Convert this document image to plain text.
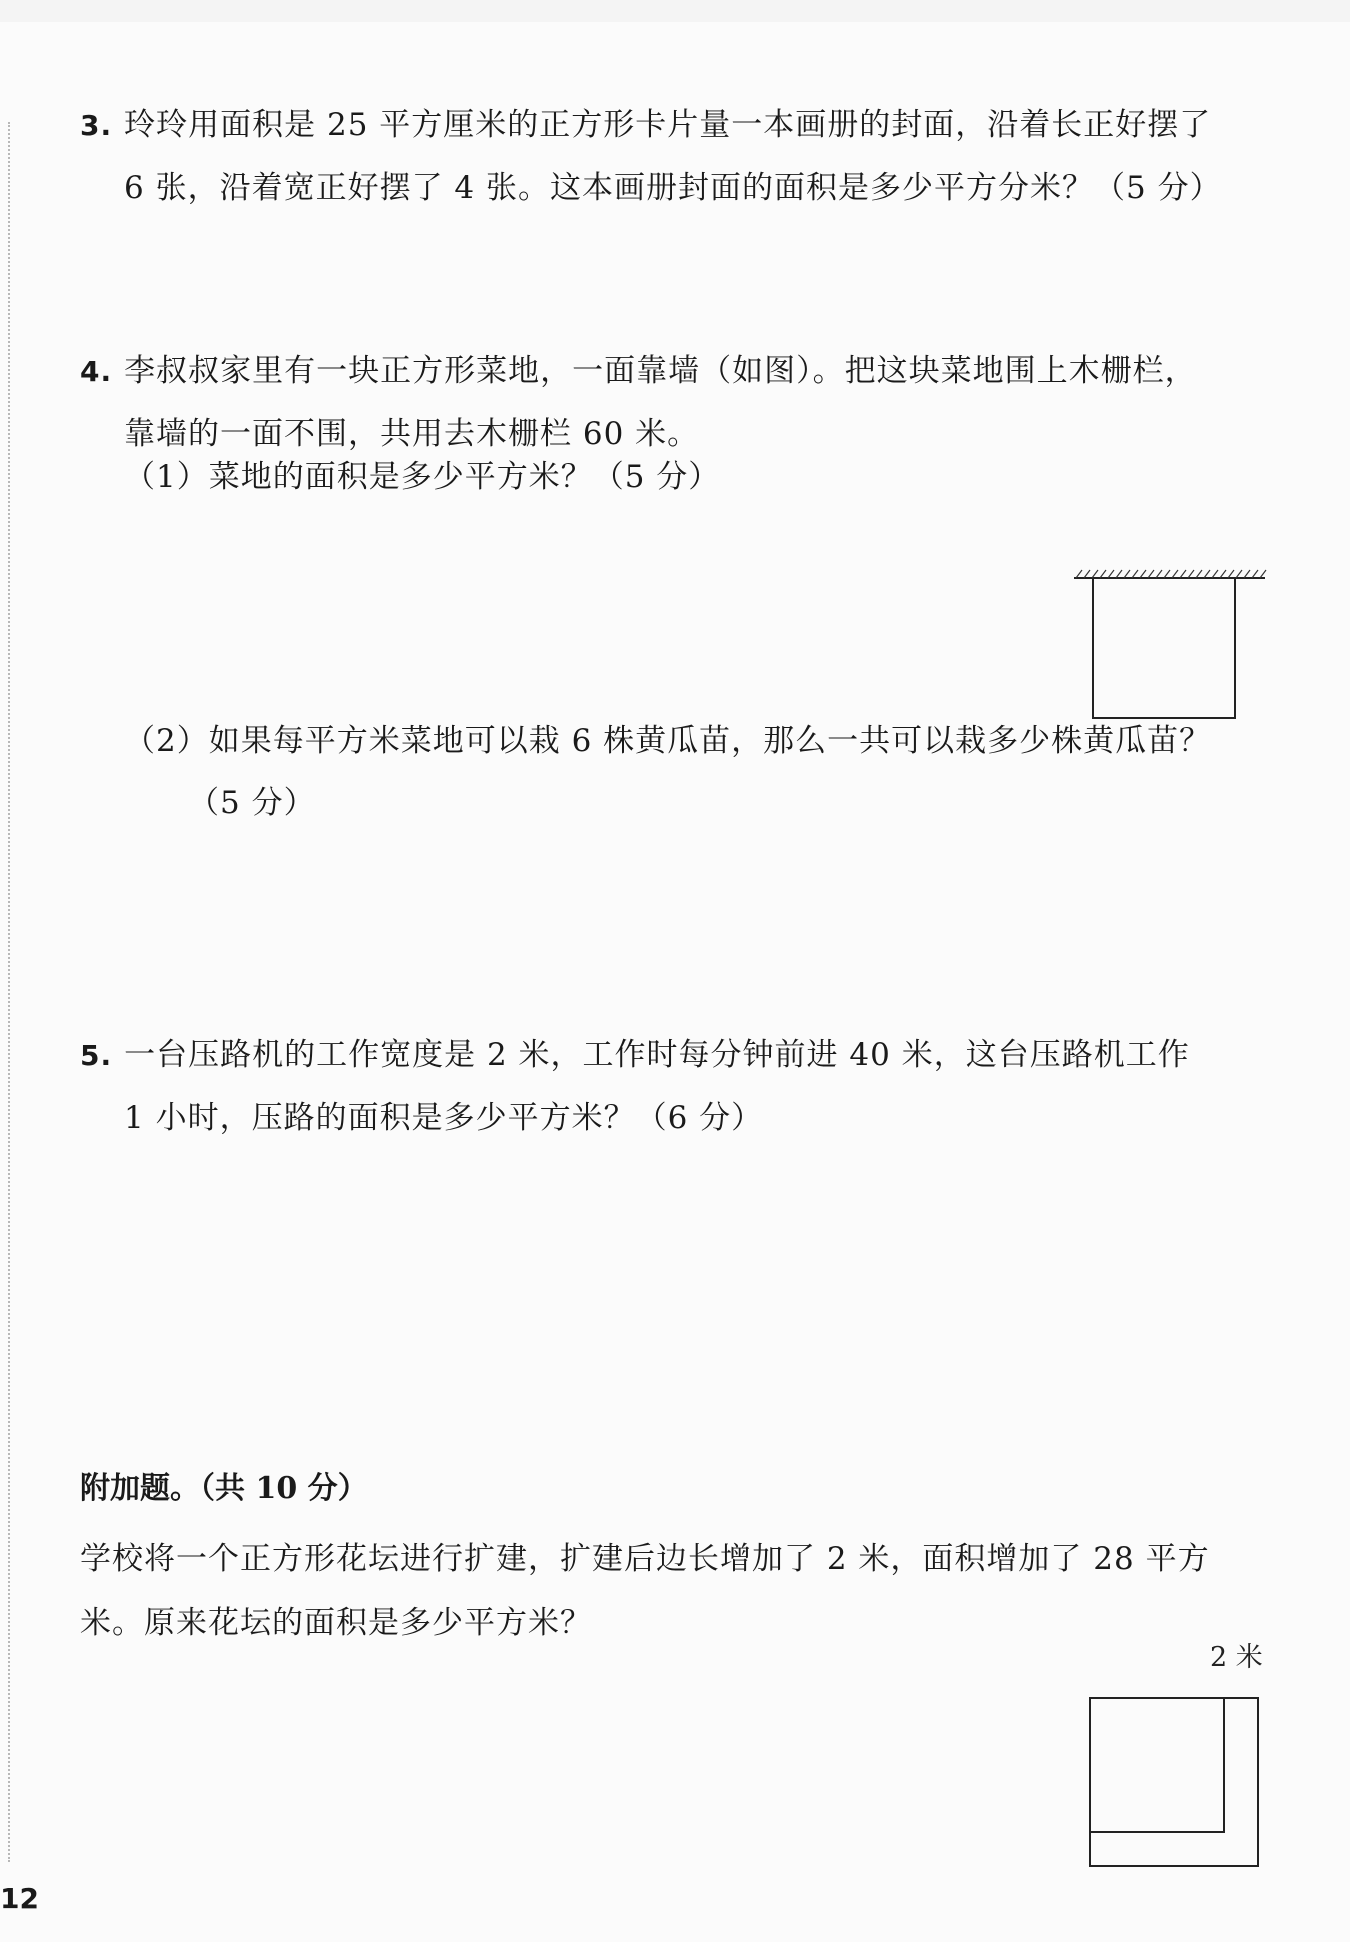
3. 玲玲用面积是 25 平方厘米的正方形卡片量一本画册的封面，沿着长正好摆了
6 张，沿着宽正好摆了 4 张。这本画册封面的面积是多少平方分米？（5 分）
4. 李叔叔家里有一块正方形菜地，一面靠墙（如图）。把这块菜地围上木栅栏，
靠墙的一面不围，共用去木栅栏 60 米。
（1）菜地的面积是多少平方米？（5 分）
（2）如果每平方米菜地可以栽 6 株黄瓜苗，那么一共可以栽多少株黄瓜苗？
（5 分）
5. 一台压路机的工作宽度是 2 米，工作时每分钟前进 40 米，这台压路机工作
1 小时，压路的面积是多少平方米？（6 分）
附加题。（共 10 分）
学校将一个正方形花坛进行扩建，扩建后边长增加了 2 米，面积增加了 28 平方
米。原来花坛的面积是多少平方米？
2 米
12
